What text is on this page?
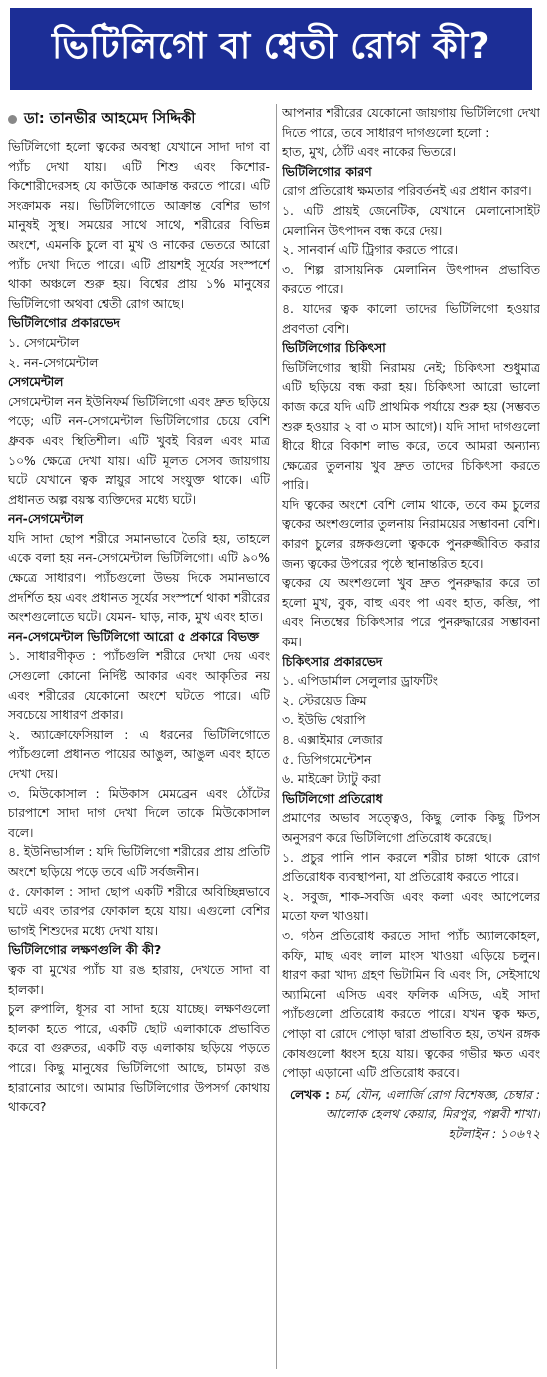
ভিটিলিগো বা শ্বেতী রোগ কী?
ডা: তানভীর আহমেদ সিদ্দিকী

ভিটিলিগো হলো ত্বকের অবস্থা যেখানে সাদা দাগ বা প্যাঁচ দেখা যায়। এটি শিশু এবং কিশোর-কিশোরীদেরসহ যে কাউকে আক্রান্ত করতে পারে। এটি সংক্রামক নয়। ভিটিলিগোতে আক্রান্ত বেশির ভাগ মানুষই সুস্থ। সময়ের সাথে সাথে, শরীরের বিভিন্ন অংশে, এমনকি চুলে বা মুখ ও নাকের ভেতরে আরো প্যাঁচ দেখা দিতে পারে। এটি প্রায়শই সূর্যের সংস্পর্শে থাকা অঞ্চলে শুরু হয়। বিশ্বের প্রায় ১% মানুষের ভিটিলিগো অথবা শ্বেতী রোগ আছে।

ভিটিলিগোর প্রকারভেদ

১. সেগমেন্টাল

২. নন-সেগমেন্টাল

সেগমেন্টাল

সেগমেন্টাল নন ইউনিফর্ম ভিটিলিগো এবং দ্রুত ছড়িয়ে পড়ে; এটি নন-সেগমেন্টাল ভিটিলিগোর চেয়ে বেশি ধ্রুবক এবং স্থিতিশীল। এটি খুবই বিরল এবং মাত্র ১০% ক্ষেত্রে দেখা যায়। এটি মূলত সেসব জায়গায় ঘটে যেখানে ত্বক স্নায়ুর সাথে সংযুক্ত থাকে। এটি প্রধানত অল্প বয়স্ক ব্যক্তিদের মধ্যে ঘটে।

নন-সেগমেন্টাল

যদি সাদা ছোপ শরীরে সমানভাবে তৈরি হয়, তাহলে একে বলা হয় নন-সেগমেন্টাল ভিটিলিগো। এটি ৯০% ক্ষেত্রে সাধারণ। প্যাঁচগুলো উভয় দিকে সমানভাবে প্রদর্শিত হয় এবং প্রধানত সূর্যের সংস্পর্শে থাকা শরীরের অংশগুলোতে ঘটে। যেমন- ঘাড়, নাক, মুখ এবং হাত।

নন-সেগমেন্টাল ভিটিলিগো আরো ৫ প্রকারে বিভক্ত

১. সাধারণীকৃত : প্যাঁচগুলি শরীরে দেখা দেয় এবং সেগুলো কোনো নির্দিষ্ট আকার এবং আকৃতির নয় এবং শরীরের যেকোনো অংশে ঘটতে পারে। এটি সবচেয়ে সাধারণ প্রকার।

২. অ্যাক্রোফেসিয়াল : এ ধরনের ভিটিলিগোতে প্যাঁচগুলো প্রধানত পায়ের আঙুল, আঙুল এবং হাতে দেখা দেয়।

৩. মিউকোসাল : মিউকাস মেমব্রেন এবং ঠোঁটের চারপাশে সাদা দাগ দেখা দিলে তাকে মিউকোসাল বলে।

৪. ইউনিভার্সাল : যদি ভিটিলিগো শরীরের প্রায় প্রতিটি অংশে ছড়িয়ে পড়ে তবে এটি সর্বজনীন।

৫. ফোকাল : সাদা ছোপ একটি শরীরে অবিচ্ছিন্নভাবে ঘটে এবং তারপর ফোকাল হয়ে যায়। এগুলো বেশির ভাগই শিশুদের মধ্যে দেখা যায়।

ভিটিলিগোর লক্ষণগুলি কী কী?

ত্বক বা মুখের প্যাঁচ যা রঙ হারায়, দেখতে সাদা বা হালকা।

চুল রুপালি, ধূসর বা সাদা হয়ে যাচ্ছে। লক্ষণগুলো হালকা হতে পারে, একটি ছোট এলাকাকে প্রভাবিত করে বা গুরুতর, একটি বড় এলাকায় ছড়িয়ে পড়তে পারে। কিছু মানুষের ভিটিলিগো আছে, চামড়া রঙ হারানোর আগে। আমার ভিটিলিগোর উপসর্গ কোথায় থাকবে?

আপনার শরীরের যেকোনো জায়গায় ভিটিলিগো দেখা দিতে পারে, তবে সাধারণ দাগগুলো হলো :

হাত, মুখ, ঠোঁট এবং নাকের ভিতরে।

ভিটিলিগোর কারণ

রোগ প্রতিরোধ ক্ষমতার পরিবর্তনই এর প্রধান কারণ।

১. এটি প্রায়ই জেনেটিক, যেখানে মেলানোসাইট মেলানিন উৎপাদন বন্ধ করে দেয়।

২. সানবার্ন এটি ট্রিগার করতে পারে।

৩. শিল্প রাসায়নিক মেলানিন উৎপাদন প্রভাবিত করতে পারে।

৪. যাদের ত্বক কালো তাদের ভিটিলিগো হওয়ার প্রবণতা বেশি।

ভিটিলিগোর চিকিৎসা

ভিটিলিগোর স্থায়ী নিরাময় নেই; চিকিৎসা শুধুমাত্র এটি ছড়িয়ে বন্ধ করা হয়। চিকিৎসা আরো ভালো কাজ করে যদি এটি প্রাথমিক পর্যায়ে শুরু হয় (সম্ভবত শুরু হওয়ার ২ বা ৩ মাস আগে)। যদি সাদা দাগগুলো ধীরে ধীরে বিকাশ লাভ করে, তবে আমরা অন্যান্য ক্ষেত্রের তুলনায় খুব দ্রুত তাদের চিকিৎসা করতে পারি।

যদি ত্বকের অংশে বেশি লোম থাকে, তবে কম চুলের ত্বকের অংশগুলোর তুলনায় নিরাময়ের সম্ভাবনা বেশি। কারণ চুলের রঙ্গকগুলো ত্বককে পুনরুজ্জীবিত করার জন্য ত্বকের উপরের পৃষ্ঠে স্থানান্তরিত হবে।

ত্বকের যে অংশগুলো খুব দ্রুত পুনরুদ্ধার করে তা হলো মুখ, বুক, বাহু এবং পা এবং হাত, কব্জি, পা এবং নিতম্বের চিকিৎসার পরে পুনরুদ্ধারের সম্ভাবনা কম।

চিকিৎসার প্রকারভেদ

১. এপিডার্মাল সেলুলার ড্রাফটিং

২. স্টেরয়েড ক্রিম

৩. ইউভি থেরাপি

৪. এক্সাইমার লেজার

৫. ডিপিগমেন্টেশন

৬. মাইক্রো ট্যাটু করা

ভিটিলিগো প্রতিরোধ

প্রমাণের অভাব সত্ত্বেও, কিছু লোক কিছু টিপস অনুসরণ করে ভিটিলিগো প্রতিরোধ করেছে।

১. প্রচুর পানি পান করলে শরীর চাঙ্গা থাকে রোগ প্রতিরোধক ব্যবস্থাপনা, যা প্রতিরোধ করতে পারে।

২. সবুজ, শাক-সবজি এবং কলা এবং আপেলের মতো ফল খাওয়া।

৩. গঠন প্রতিরোধ করতে সাদা প্যাঁচ অ্যালকোহল, কফি, মাছ এবং লাল মাংস খাওয়া এড়িয়ে চলুন। ধারণ করা খাদ্য গ্রহণ ভিটামিন বি এবং সি, সেইসাথে অ্যামিনো এসিড এবং ফলিক এসিড, এই সাদা প্যাঁচগুলো প্রতিরোধ করতে পারে। যখন ত্বক ক্ষত, পোড়া বা রোদে পোড়া দ্বারা প্রভাবিত হয়, তখন রঙ্গক কোষগুলো ধ্বংস হয়ে যায়। ত্বকের গভীর ক্ষত এবং পোড়া এড়ানো এটি প্রতিরোধ করবে।

লেখক : চর্ম, যৌন, এলার্জি রোগ বিশেষজ্ঞ, চেম্বার : আলোক হেলথ কেয়ার, মিরপুর, পল্লবী শাখা।
হটলাইন : ১০৬৭২
